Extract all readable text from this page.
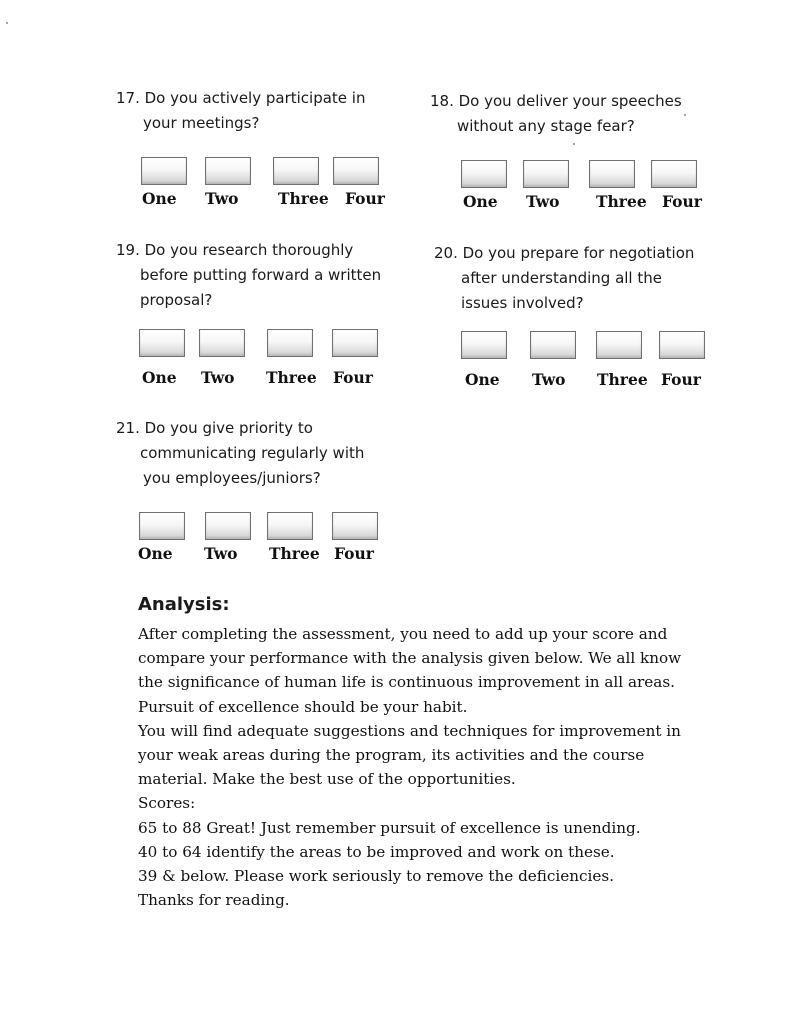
17. Do you actively participate in
your meetings?
One Two	Three Four
18. Do you deliver your speeches
without any stage fear?
One Two Three Four
19. Do you research thoroughly
before putting forward a written
proposal?
One Two Three Four
20. Do you prepare for negotiation
after understanding all the
issues involved?
One Two Three Four
21. Do you give priority to
communicating regularly with
you employees/juniors?
One Two Three Four
Analysis:
After completing the assessment, you need to add up your score and
compare your performance with the analysis given below. We all know
the significance of human life is continuous improvement in all areas.
Pursuit of excellence should be your habit.
You will find adequate suggestions and techniques for improvement in
your weak areas during the program, its activities and the course
material. Make the best use of the opportunities.
Scores:
65 to 88 Great! Just remember pursuit of excellence is unending.
40 to 64 identify the areas to be improved and work on these.
39 & below. Please work seriously to remove the deficiencies.
Thanks for reading.
